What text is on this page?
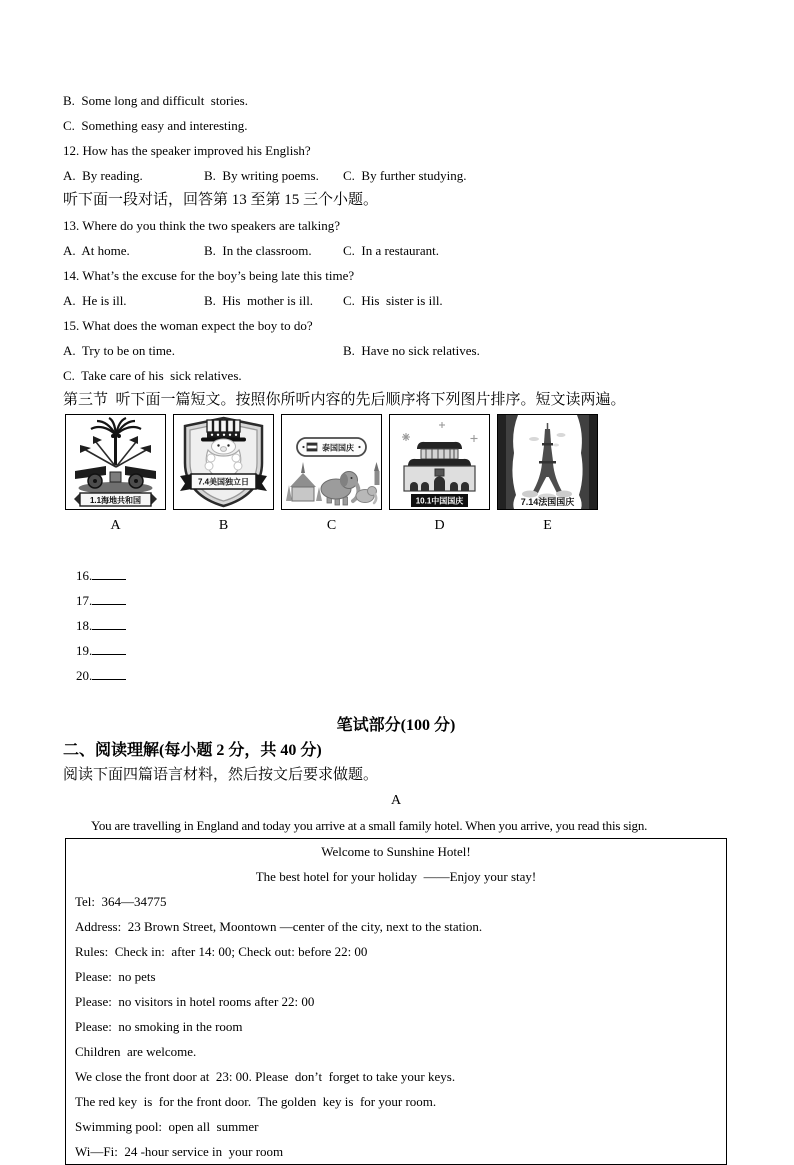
B.  Some long and difficult  stories.
C.  Something easy and interesting.
12. How has the speaker improved his English?
A.  By reading.	B.  By writing poems.	C.  By further studying.
听下面一段对话，回答第 13 至第 15 三个小题。
13. Where do you think the two speakers are talking?
A.  At home.	B.  In the classroom.	C.  In a restaurant.
14. What’s the excuse for the boy’s being late this time?
A.  He is ill.	B.  His  mother is ill.	C.  His  sister is ill.
15. What does the woman expect the boy to do?
A.  Try to be on time.	B.  Have no sick relatives.
C.  Take care of his  sick relatives.
第三节  听下面一篇短文。按照你所听内容的先后顺序将下列图片排序。短文读两遍。
1.1海地共和国
7.4美国独立日
泰国国庆
10.1中国国庆	7.14法国国庆
A	B	C	D	E

16.
17.
18.
19.
20.

笔试部分(100 分)
二、阅读理解(每小题 2 分，共 40 分)
阅读下面四篇语言材料，然后按文后要求做题。
A
You are travelling in England and today you arrive at a small family hotel. When you arrive, you read this sign.
Welcome to Sunshine Hotel!
The best hotel for your holiday  ——Enjoy your stay!
Tel:  364—34775
Address:  23 Brown Street, Moontown —center of the city, next to the station.
Rules:  Check in:  after 14: 00; Check out: before 22: 00
Please:  no pets
Please:  no visitors in hotel rooms after 22: 00
Please:  no smoking in the room
Children  are welcome.
We close the front door at  23: 00. Please  don’t  forget to take your keys.
The red key  is  for the front door.  The golden  key is  for your room.
Swimming pool:  open all  summer
Wi—Fi:  24 -hour service in  your room
